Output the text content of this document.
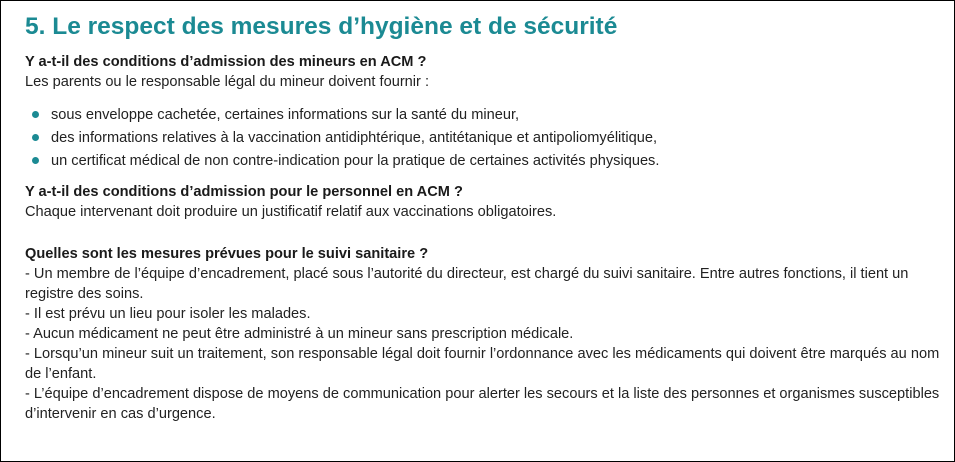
5. Le respect des mesures d’hygiène et de sécurité
Y a-t-il des conditions d’admission des mineurs en ACM ?
Les parents ou le responsable légal du mineur doivent fournir :
sous enveloppe cachetée, certaines informations sur la santé du mineur,
des informations relatives à la vaccination antidiphtérique, antitétanique et antipoliomyélitique,
un certificat médical de non contre-indication pour la pratique de certaines activités physiques.
Y a-t-il des conditions d’admission pour le personnel en ACM ?
Chaque intervenant doit produire un justificatif relatif aux vaccinations obligatoires.
Quelles sont les mesures prévues pour le suivi sanitaire ?
- Un membre de l’équipe d’encadrement, placé sous l’autorité du directeur, est chargé du suivi sanitaire. Entre autres fonctions, il tient un registre des soins.
- Il est prévu un lieu pour isoler les malades.
- Aucun médicament ne peut être administré à un mineur sans prescription médicale.
- Lorsqu’un mineur suit un traitement, son responsable légal doit fournir l’ordonnance avec les médicaments qui doivent être marqués au nom de l’enfant.
- L’équipe d’encadrement dispose de moyens de communication pour alerter les secours et la liste des personnes et organismes susceptibles d’intervenir en cas d’urgence.
